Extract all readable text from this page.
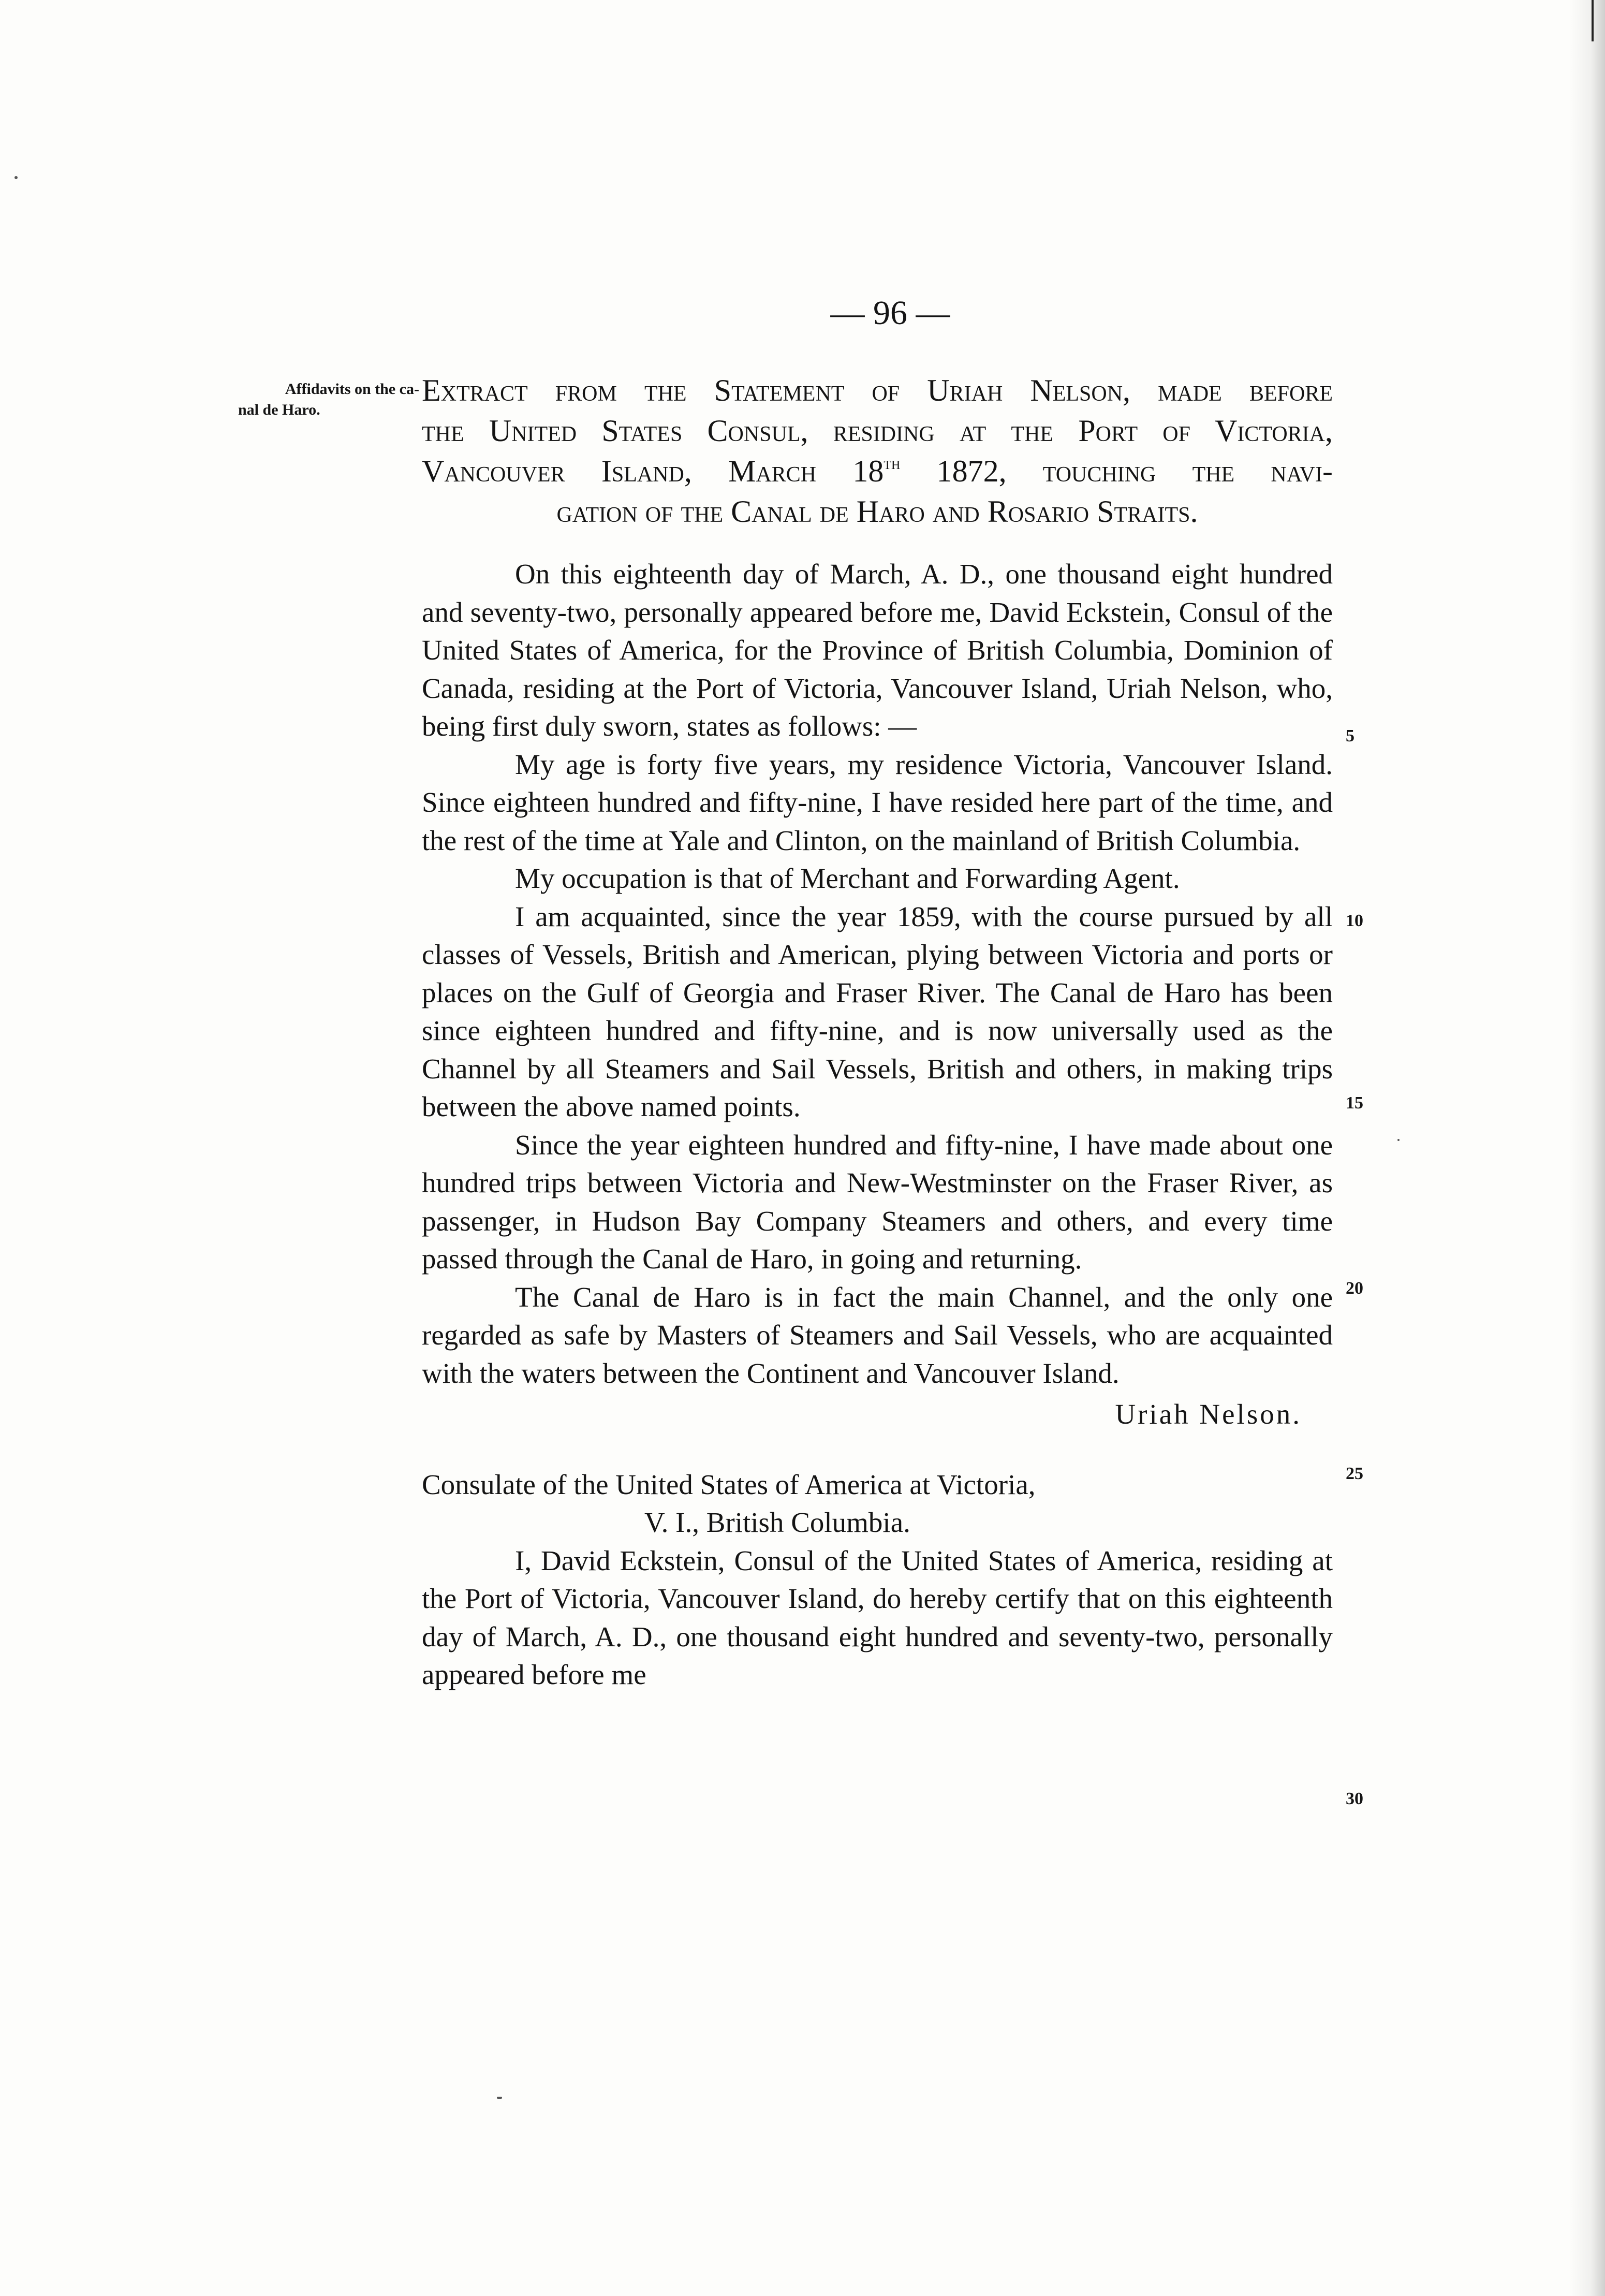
— 96 —
Affidavits on the ca-
nal de Haro.
Extract from the Statement of Uriah Nelson, made before
the United States Consul, residing at the Port of Victoria,
Vancouver Island, March 18th 1872, touching the navi-
gation of the Canal de Haro and Rosario Straits.

On this eighteenth day of March, A. D., one thousand eight hundred and seventy-two, personally appeared before me, David Eckstein, Consul of the United States of America, for the Province of British Columbia, Dominion of Canada, residing at the Port of Victoria, Vancouver Island, Uriah Nelson, who, being first duly sworn, states as follows: —

My age is forty five years, my residence Victoria, Vancouver Island. Since eighteen hundred and fifty-nine, I have resided here part of the time, and the rest of the time at Yale and Clinton, on the mainland of British Columbia.

My occupation is that of Merchant and Forwarding Agent.

I am acquainted, since the year 1859, with the course pursued by all classes of Vessels, British and American, plying between Victoria and ports or places on the Gulf of Georgia and Fraser River. The Canal de Haro has been since eighteen hundred and fifty-nine, and is now universally used as the Channel by all Steamers and Sail Vessels, British and others, in making trips between the above named points.

Since the year eighteen hundred and fifty-nine, I have made about one hundred trips between Victoria and New-Westminster on the Fraser River, as passenger, in Hudson Bay Company Steamers and others, and every time passed through the Canal de Haro, in going and returning.

The Canal de Haro is in fact the main Channel, and the only one regarded as safe by Masters of Steamers and Sail Vessels, who are acquainted with the waters between the Continent and Vancouver Island.

Uriah Nelson.
Consulate of the United States of America at Victoria,
V. I., British Columbia.

I, David Eckstein, Consul of the United States of America, residing at the Port of Victoria, Vancouver Island, do hereby certify that on this eighteenth day of March, A. D., one thousand eight hundred and seventy-two, personally appeared before me

5
10
15
20
25
30
